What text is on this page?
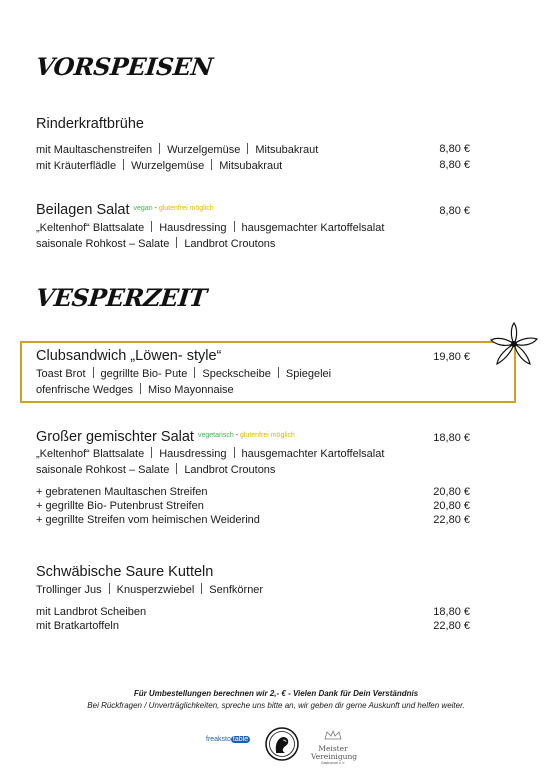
VORSPEISEN
Rinderkraftbrühe
mit Maultaschenstreifen Wurzelgemüse Mitsubakraut	8,80 €
mit Kräuterflädle Wurzelgemüse Mitsubakraut	8,80 €
Beilagen Salat $^{vegan - glutenfrei möglich}$	8,80 €
„Keltenhof“ Blattsalate Hausdressing hausgemachter Kartoffelsalat
saisonale Rohkost – Salate Landbrot Croutons
VESPERZEIT
Clubsandwich „Löwen- style“	19,80 €
Toast Brot gegrillte Bio- Pute Speckscheibe Spiegelei
ofenfrische Wedges Miso Mayonnaise
Großer gemischter Salat $^{vegetarisch - glutenfrei möglich}$	18,80 €
„Keltenhof“ Blattsalate Hausdressing hausgemachter Kartoffelsalat
saisonale Rohkost – Salate Landbrot Croutons
+ gebratenen Maultaschen Streifen	20,80 €
+ gegrillte Bio- Putenbrust Streifen	20,80 €
+ gegrillte Streifen vom heimischen Weiderind	22,80 €
Schwäbische Saure Kutteln
Trollinger Jus Knusperzwiebel Senfkörner
mit Landbrot Scheiben	18,80 €
mit Bratkartoffeln	22,80 €
Für Umbestellungen berechnen wir 2,- € - Vielen Dank für Dein Verständnis
Bei Rückfragen / Unverträglichkeiten, spreche uns bitte an, wir geben dir gerne Auskunft und helfen weiter.
freaksto table
Meister
Vereinigung
Gastronom e.V.
